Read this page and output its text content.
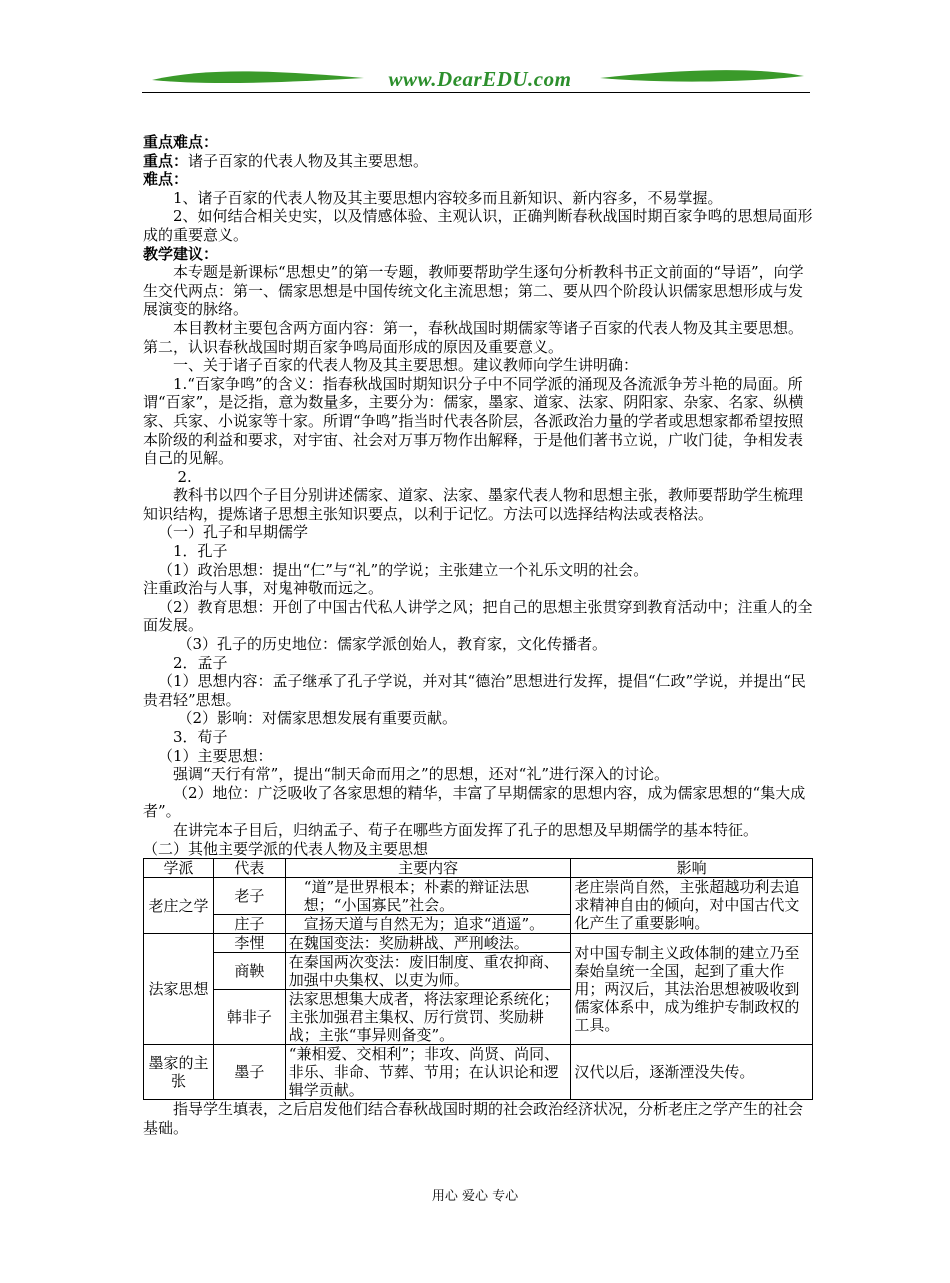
www.DearEDU.com

重点难点：

重点：诸子百家的代表人物及其主要思想。

难点：

1、诸子百家的代表人物及其主要思想内容较多而且新知识、新内容多，不易掌握。

2、如何结合相关史实，以及情感体验、主观认识，正确判断春秋战国时期百家争鸣的思想局面形成的重要意义。

教学建议：

本专题是新课标“思想史”的第一专题，教师要帮助学生逐句分析教科书正文前面的“导语”，向学生交代两点：第一、儒家思想是中国传统文化主流思想；第二、要从四个阶段认识儒家思想形成与发展演变的脉络。

本目教材主要包含两方面内容：第一，春秋战国时期儒家等诸子百家的代表人物及其主要思想。第二，认识春秋战国时期百家争鸣局面形成的原因及重要意义。

一、关于诸子百家的代表人物及其主要思想。建议教师向学生讲明确：

1.“百家争鸣”的含义：指春秋战国时期知识分子中不同学派的涌现及各流派争芳斗艳的局面。所谓“百家”，是泛指，意为数量多，主要分为：儒家，墨家、道家、法家、阴阳家、杂家、名家、纵横家、兵家、小说家等十家。所谓“争鸣”指当时代表各阶层，各派政治力量的学者或思想家都希望按照本阶级的利益和要求，对宇宙、社会对万事万物作出解释，于是他们著书立说，广收门徒，争相发表自己的见解。

2.

教科书以四个子目分别讲述儒家、道家、法家、墨家代表人物和思想主张，教师要帮助学生梳理知识结构，提炼诸子思想主张知识要点，以利于记忆。方法可以选择结构法或表格法。

（一）孔子和早期儒学

1．孔子

（1）政治思想：提出“仁”与“礼”的学说；主张建立一个礼乐文明的社会。

注重政治与人事，对鬼神敬而远之。

（2）教育思想：开创了中国古代私人讲学之风；把自己的思想主张贯穿到教育活动中；注重人的全面发展。

（3）孔子的历史地位：儒家学派创始人，教育家，文化传播者。

2．孟子

（1）思想内容：孟子继承了孔子学说，并对其“德治”思想进行发挥，提倡“仁政”学说，并提出“民贵君轻”思想。

（2）影响：对儒家思想发展有重要贡献。

3．荀子

（1）主要思想：

强调“天行有常”，提出“制天命而用之”的思想，还对“礼”进行深入的讨论。

（2）地位：广泛吸收了各家思想的精华，丰富了早期儒家的思想内容，成为儒家思想的“集大成者”。

在讲完本子目后，归纳孟子、荀子在哪些方面发挥了孔子的思想及早期儒学的基本特征。

（二）其他主要学派的代表人物及主要思想

学派	代表	主要内容	影响
老庄之学	老子	“道”是世界根本；朴素的辩证法思想；“小国寡民”社会。	老庄崇尚自然，主张超越功利去追求精神自由的倾向，对中国古代文化产生了重要影响。
	庄子	宣扬天道与自然无为；追求“逍遥”。	
法家思想	李悝	在魏国变法：奖励耕战、严刑峻法。	对中国专制主义政体制的建立乃至秦始皇统一全国，起到了重大作用；两汉后，其法治思想被吸收到儒家体系中，成为维护专制政权的工具。
	商鞅	在秦国两次变法：废旧制度、重农抑商、加强中央集权、以吏为师。	
	韩非子	法家思想集大成者，将法家理论系统化；主张加强君主集权、厉行赏罚、奖励耕战；主张“事异则备变”。	
墨家的主张	墨子	“兼相爱、交相利”；非攻、尚贤、尚同、非乐、非命、节葬、节用；在认识论和逻辑学贡献。	汉代以后，逐渐湮没失传。

指导学生填表，之后启发他们结合春秋战国时期的社会政治经济状况，分析老庄之学产生的社会基础。

用心 爱心 专心
